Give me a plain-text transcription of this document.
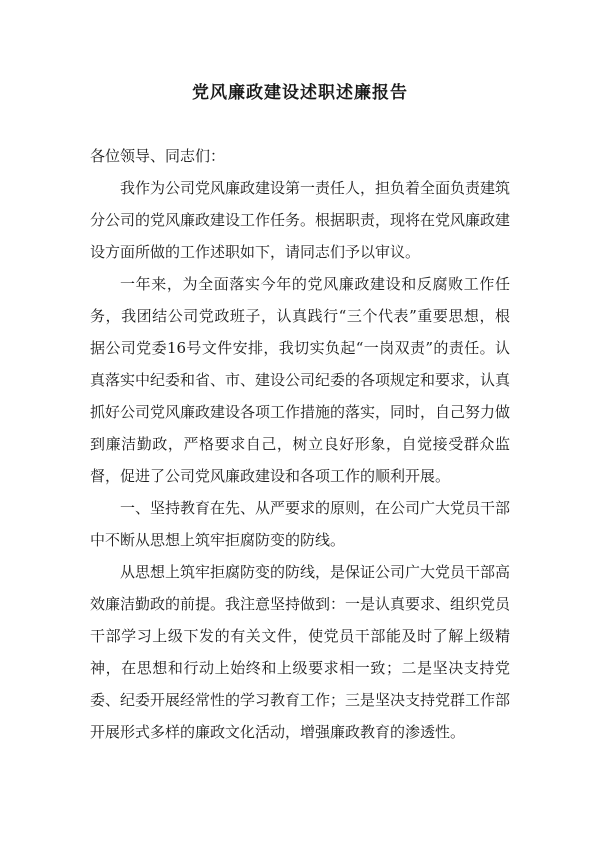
党风廉政建设述职述廉报告

各位领导、同志们：

我作为公司党风廉政建设第一责任人，担负着全面负责建筑分公司的党风廉政建设工作任务。根据职责，现将在党风廉政建设方面所做的工作述职如下，请同志们予以审议。

一年来，为全面落实今年的党风廉政建设和反腐败工作任务，我团结公司党政班子，认真践行“三个代表”重要思想，根据公司党委16号文件安排，我切实负起“一岗双责”的责任。认真落实中纪委和省、市、建设公司纪委的各项规定和要求，认真抓好公司党风廉政建设各项工作措施的落实，同时，自己努力做到廉洁勤政，严格要求自己，树立良好形象，自觉接受群众监督，促进了公司党风廉政建设和各项工作的顺利开展。

一、坚持教育在先、从严要求的原则，在公司广大党员干部中不断从思想上筑牢拒腐防变的防线。

从思想上筑牢拒腐防变的防线，是保证公司广大党员干部高效廉洁勤政的前提。我注意坚持做到：一是认真要求、组织党员干部学习上级下发的有关文件，使党员干部能及时了解上级精神，在思想和行动上始终和上级要求相一致；二是坚决支持党委、纪委开展经常性的学习教育工作；三是坚决支持党群工作部开展形式多样的廉政文化活动，增强廉政教育的渗透性。
